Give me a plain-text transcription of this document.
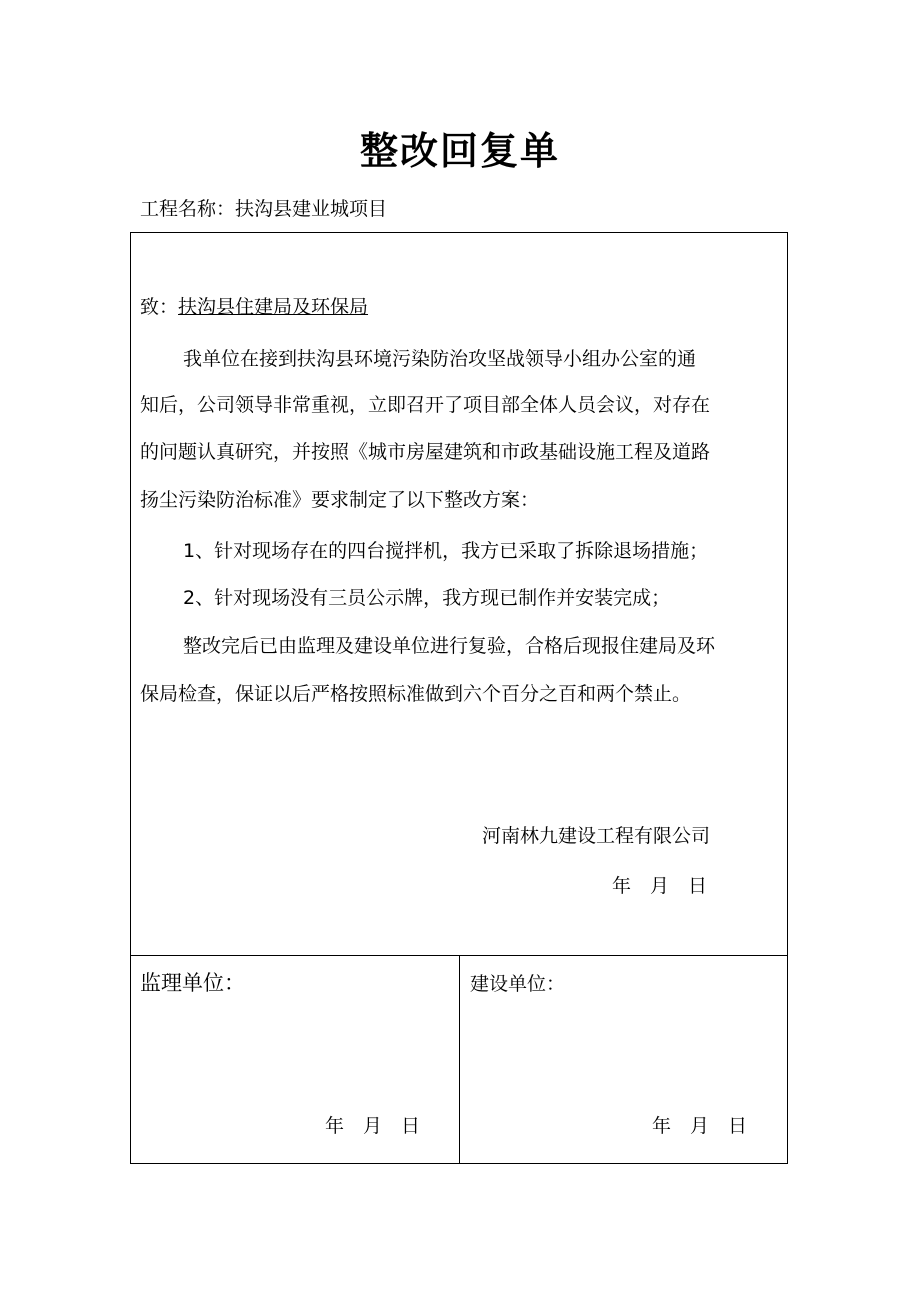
整改回复单
工程名称：扶沟县建业城项目
致：扶沟县住建局及环保局
我单位在接到扶沟县环境污染防治攻坚战领导小组办公室的通
知后，公司领导非常重视，立即召开了项目部全体人员会议，对存在
的问题认真研究，并按照《城市房屋建筑和市政基础设施工程及道路
扬尘污染防治标准》要求制定了以下整改方案：
1、针对现场存在的四台搅拌机，我方已采取了拆除退场措施；
2、针对现场没有三员公示牌，我方现已制作并安装完成；
整改完后已由监理及建设单位进行复验，合格后现报住建局及环
保局检查，保证以后严格按照标准做到六个百分之百和两个禁止。
河南林九建设工程有限公司
年　月　日
监理单位：	建设单位：
年　月　日	年　月　日
